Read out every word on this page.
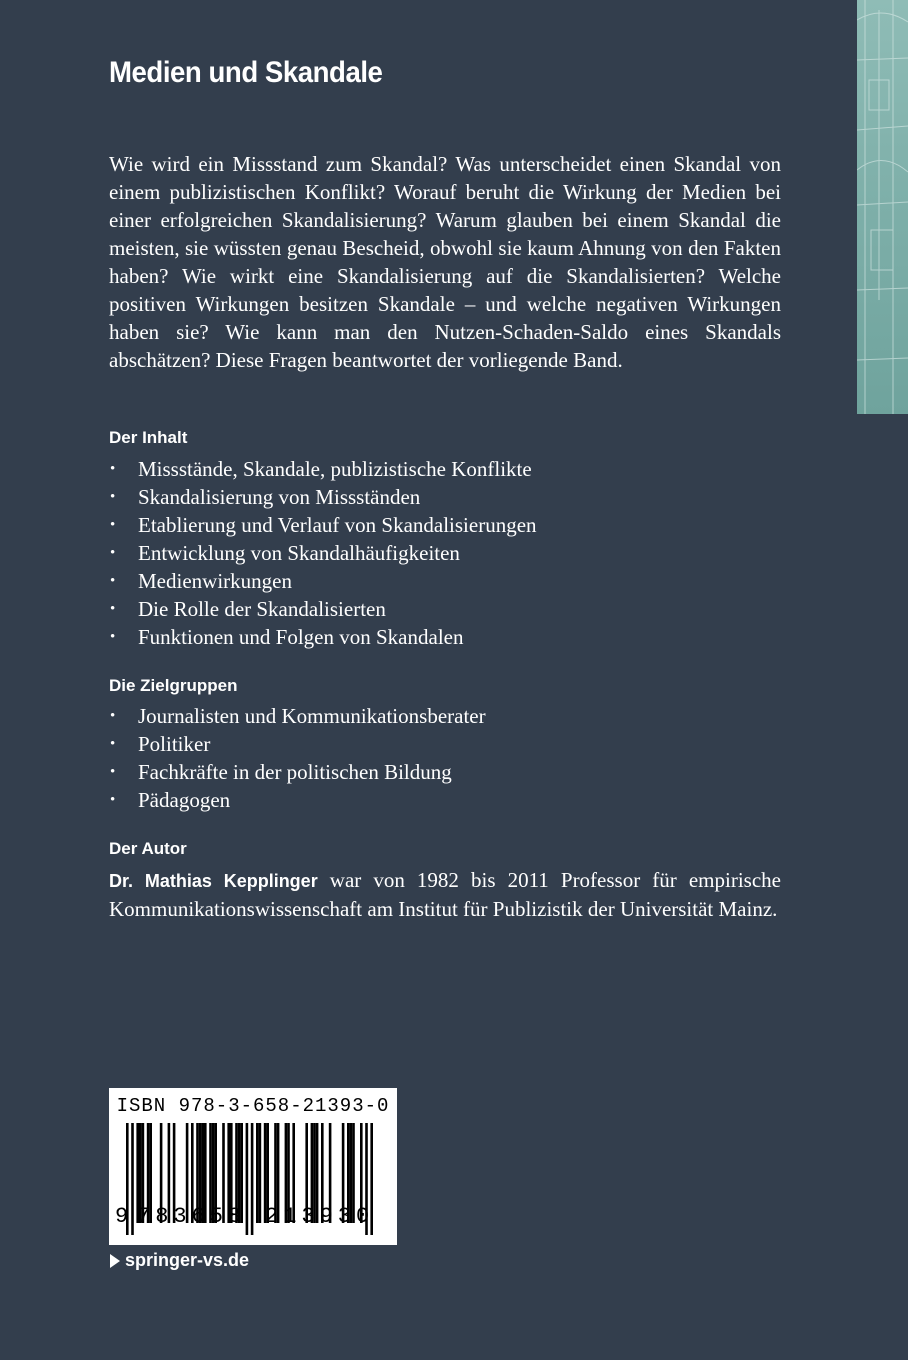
Medien und Skandale

Wie wird ein Missstand zum Skandal? Was unterscheidet einen Skandal von einem publizistischen Konflikt? Worauf beruht die Wirkung der Medien bei einer erfolgreichen Skandalisierung? Warum glauben bei einem Skandal die meisten, sie wüssten genau Bescheid, obwohl sie kaum Ahnung von den Fakten haben? Wie wirkt eine Skandalisierung auf die Skandalisierten? Welche positiven Wirkungen besitzen Skandale – und welche negativen Wirkungen haben sie? Wie kann man den Nutzen-Schaden-Saldo eines Skandals abschätzen? Diese Fragen beantwortet der vorliegende Band.

Der Inhalt
• Missstände, Skandale, publizistische Konflikte
• Skandalisierung von Missständen
• Etablierung und Verlauf von Skandalisierungen
• Entwicklung von Skandalhäufigkeiten
• Medienwirkungen
• Die Rolle der Skandalisierten
• Funktionen und Folgen von Skandalen
Die Zielgruppen
• Journalisten und Kommunikationsberater
• Politiker
• Fachkräfte in der politischen Bildung
• Pädagogen
Der Autor

Dr. Mathias Kepplinger war von 1982 bis 2011 Professor für empirische Kommunikationswissenschaft am Institut für Publizistik der Universität Mainz.

ISBN 978-3-658-21393-0
9 783658 213930
springer-vs.de
